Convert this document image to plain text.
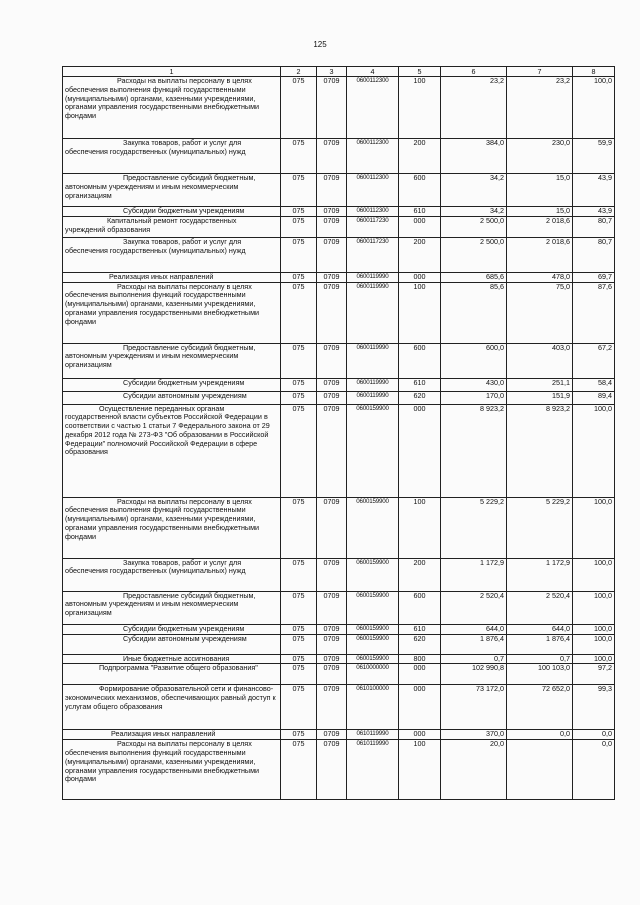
125
1	2	3	4	5	6	7	8
Расходы на выплаты персоналу в целях обеспечения выполнения функций государственными (муниципальными) органами, казенными учреждениями, органами управления государственными внебюджетными фондами	075	0709	0600112300	100	23,2	23,2	100,0
Закупка товаров, работ и услуг для обеспечения государственных (муниципальных) нужд	075	0709	0600112300	200	384,0	230,0	59,9
Предоставление субсидий бюджетным, автономным учреждениям и иным некоммерческим организациям	075	0709	0600112300	600	34,2	15,0	43,9
Субсидии бюджетным учреждениям	075	0709	0600112300	610	34,2	15,0	43,9
Капитальный ремонт государственных учреждений образования	075	0709	0600117230	000	2 500,0	2 018,6	80,7
Закупка товаров, работ и услуг для обеспечения государственных (муниципальных) нужд	075	0709	0600117230	200	2 500,0	2 018,6	80,7
Реализация иных направлений	075	0709	0600119990	000	685,6	478,0	69,7
Расходы на выплаты персоналу в целях обеспечения выполнения функций государственными (муниципальными) органами, казенными учреждениями, органами управления государственными внебюджетными фондами	075	0709	0600119990	100	85,6	75,0	87,6
Предоставление субсидий бюджетным, автономным учреждениям и иным некоммерческим организациям	075	0709	0600119990	600	600,0	403,0	67,2
Субсидии бюджетным учреждениям	075	0709	0600119990	610	430,0	251,1	58,4
Субсидии автономным учреждениям	075	0709	0600119990	620	170,0	151,9	89,4
Осуществление переданных органам государственной власти субъектов Российской Федерации в соответствии с частью 1 статьи 7 Федерального закона от 29 декабря 2012 года № 273-ФЗ "Об образовании в Российской Федерации" полномочий Российской Федерации в сфере образования	075	0709	0600159900	000	8 923,2	8 923,2	100,0
Расходы на выплаты персоналу в целях обеспечения выполнения функций государственными (муниципальными) органами, казенными учреждениями, органами управления государственными внебюджетными фондами	075	0709	0600159900	100	5 229,2	5 229,2	100,0
Закупка товаров, работ и услуг для обеспечения государственных (муниципальных) нужд	075	0709	0600159900	200	1 172,9	1 172,9	100,0
Предоставление субсидий бюджетным, автономным учреждениям и иным некоммерческим организациям	075	0709	0600159900	600	2 520,4	2 520,4	100,0
Субсидии бюджетным учреждениям	075	0709	0600159900	610	644,0	644,0	100,0
Субсидии автономным учреждениям	075	0709	0600159900	620	1 876,4	1 876,4	100,0
Иные бюджетные ассигнования	075	0709	0600159900	800	0,7	0,7	100,0
Подпрограмма "Развитие общего образования"	075	0709	0610000000	000	102 990,8	100 103,0	97,2
Формирование образовательной сети и финансово-экономических механизмов, обеспечивающих равный доступ к услугам общего образования	075	0709	0610100000	000	73 172,0	72 652,0	99,3
Реализация иных направлений	075	0709	0610119990	000	370,0	0,0	0,0
Расходы на выплаты персоналу в целях обеспечения выполнения функций государственными (муниципальными) органами, казенными учреждениями, органами управления государственными внебюджетными фондами	075	0709	0610119990	100	20,0		0,0
